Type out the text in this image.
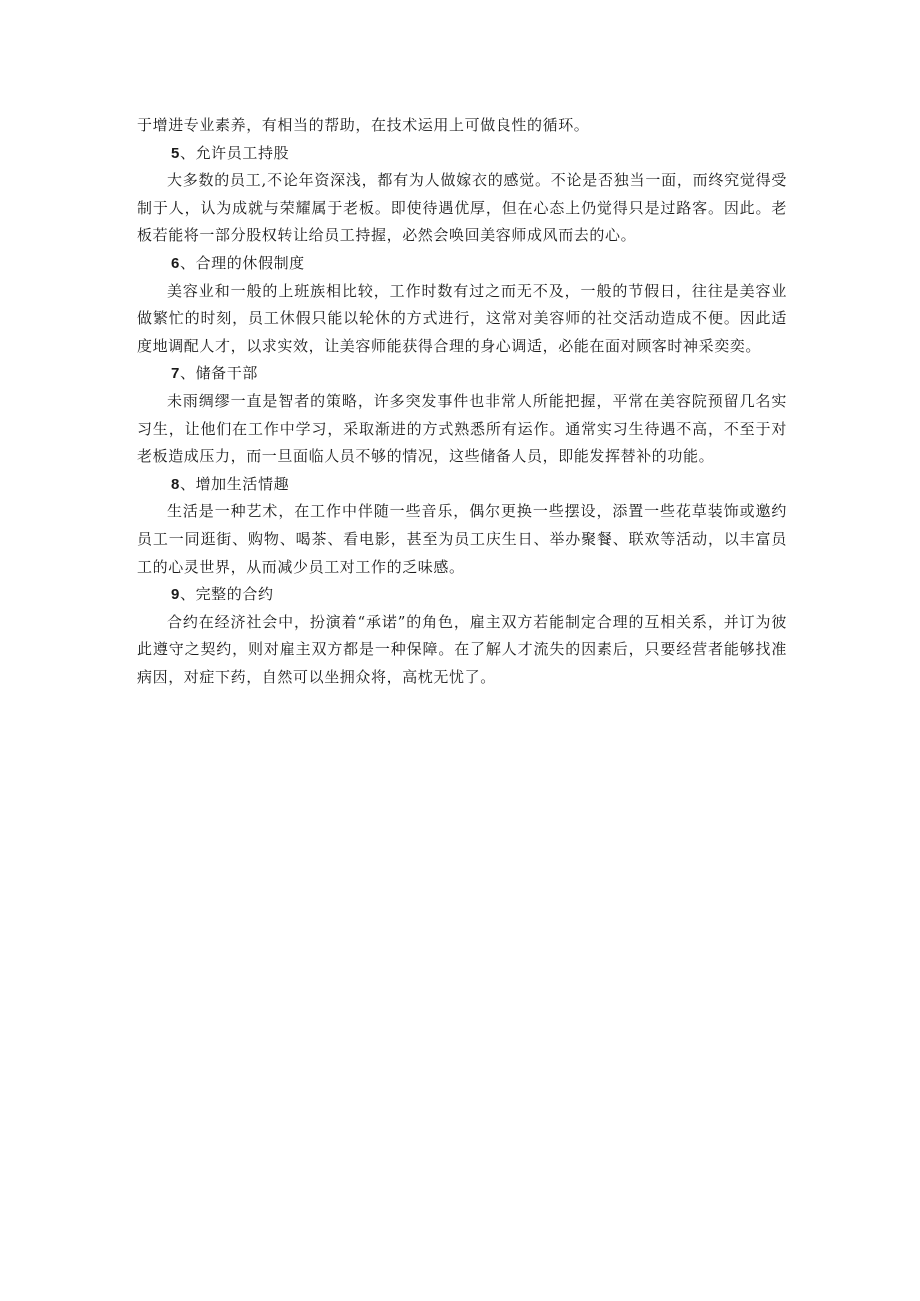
于增进专业素养，有相当的帮助，在技术运用上可做良性的循环。

5、允许员工持股

大多数的员工,不论年资深浅，都有为人做嫁衣的感觉。不论是否独当一面，而终究觉得受制于人，认为成就与荣耀属于老板。即使待遇优厚，但在心态上仍觉得只是过路客。因此。老板若能将一部分股权转让给员工持握，必然会唤回美容师成风而去的心。

6、合理的休假制度

美容业和一般的上班族相比较，工作时数有过之而无不及，一般的节假日，往往是美容业做繁忙的时刻，员工休假只能以轮休的方式进行，这常对美容师的社交活动造成不便。因此适度地调配人才，以求实效，让美容师能获得合理的身心调适，必能在面对顾客时神采奕奕。

7、储备干部

未雨绸缪一直是智者的策略，许多突发事件也非常人所能把握，平常在美容院预留几名实习生，让他们在工作中学习，采取渐进的方式熟悉所有运作。通常实习生待遇不高，不至于对老板造成压力，而一旦面临人员不够的情况，这些储备人员，即能发挥替补的功能。

8、增加生活情趣

生活是一种艺术，在工作中伴随一些音乐，偶尔更换一些摆设，添置一些花草装饰或邀约员工一同逛街、购物、喝茶、看电影，甚至为员工庆生日、举办聚餐、联欢等活动，以丰富员工的心灵世界，从而减少员工对工作的乏味感。

9、完整的合约

合约在经济社会中，扮演着“承诺”的角色，雇主双方若能制定合理的互相关系，并订为彼此遵守之契约，则对雇主双方都是一种保障。在了解人才流失的因素后，只要经营者能够找准病因，对症下药，自然可以坐拥众将，高枕无忧了。
